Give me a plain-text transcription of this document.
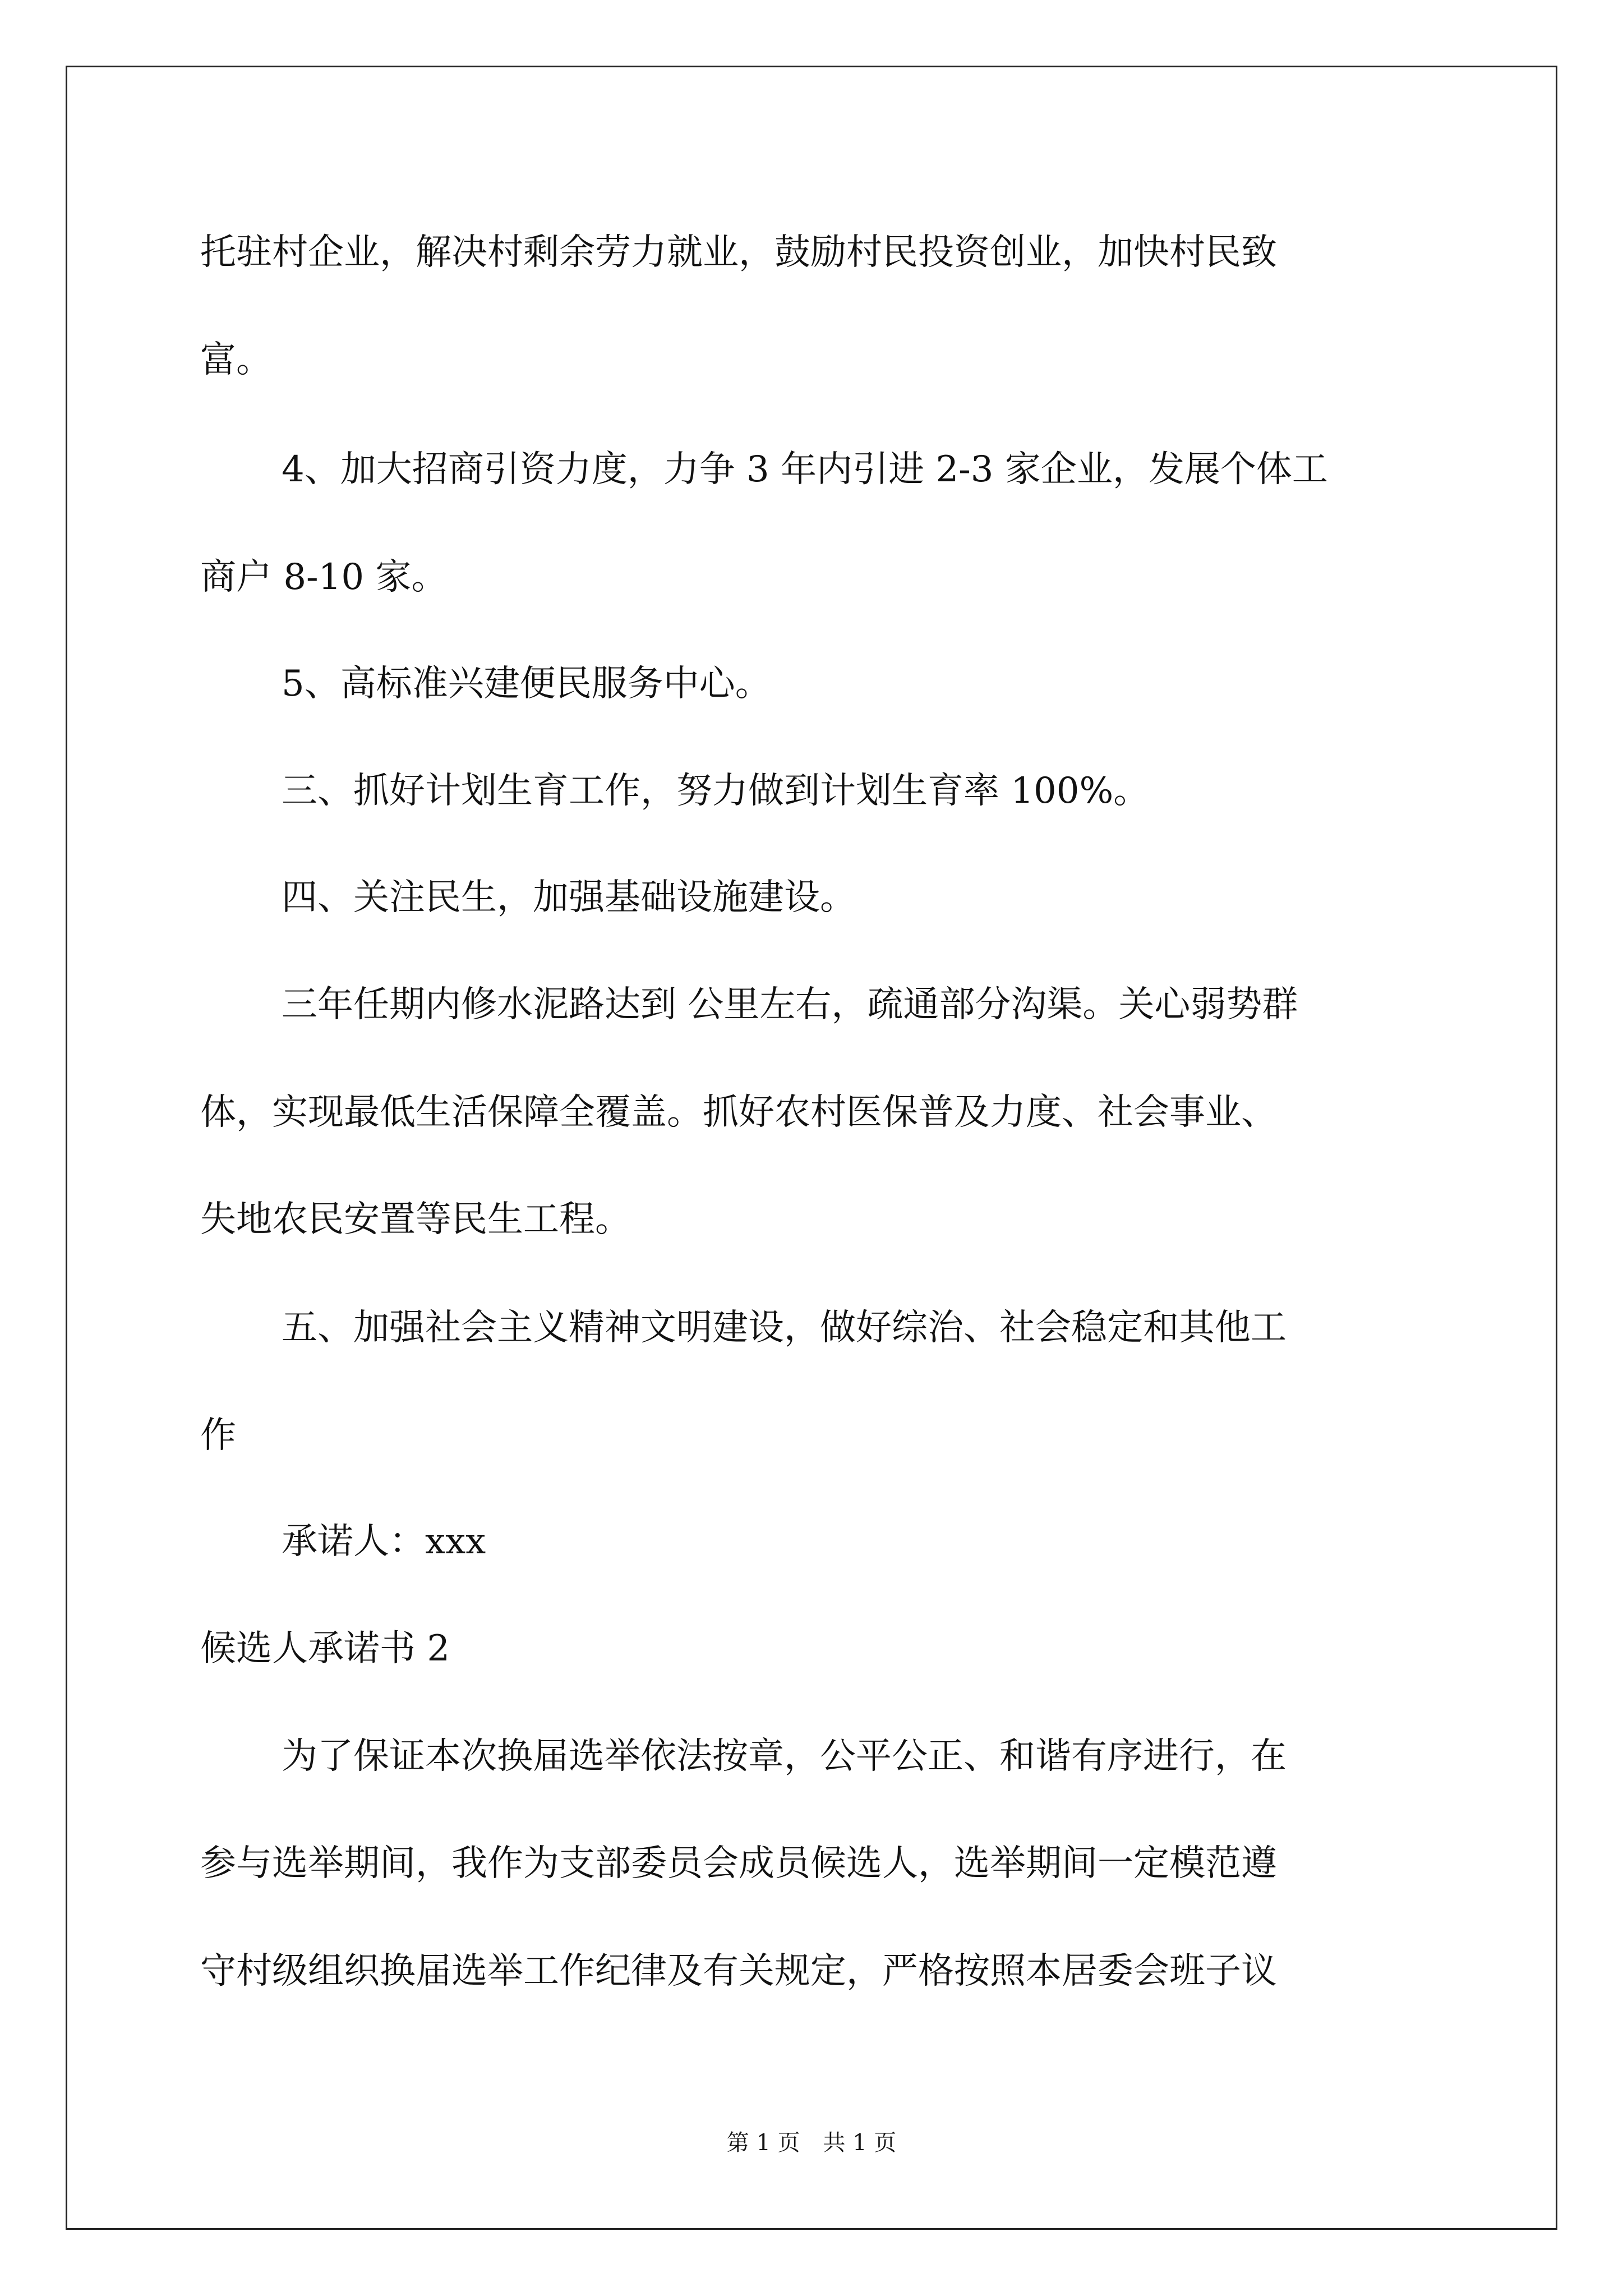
托驻村企业，解决村剩余劳力就业，鼓励村民投资创业，加快村民致
富。
4、加大招商引资力度，力争 3 年内引进 2-3 家企业，发展个体工
商户 8-10 家。
5、高标准兴建便民服务中心。
三、抓好计划生育工作，努力做到计划生育率 100%。
四、关注民生，加强基础设施建设。
三年任期内修水泥路达到 公里左右，疏通部分沟渠。关心弱势群
体，实现最低生活保障全覆盖。抓好农村医保普及力度、社会事业、
失地农民安置等民生工程。
五、加强社会主义精神文明建设，做好综治、社会稳定和其他工
作
承诺人：xxx
候选人承诺书 2
为了保证本次换届选举依法按章，公平公正、和谐有序进行，在
参与选举期间，我作为支部委员会成员候选人，选举期间一定模范遵
守村级组织换届选举工作纪律及有关规定，严格按照本居委会班子议
第 1 页 共 1 页
